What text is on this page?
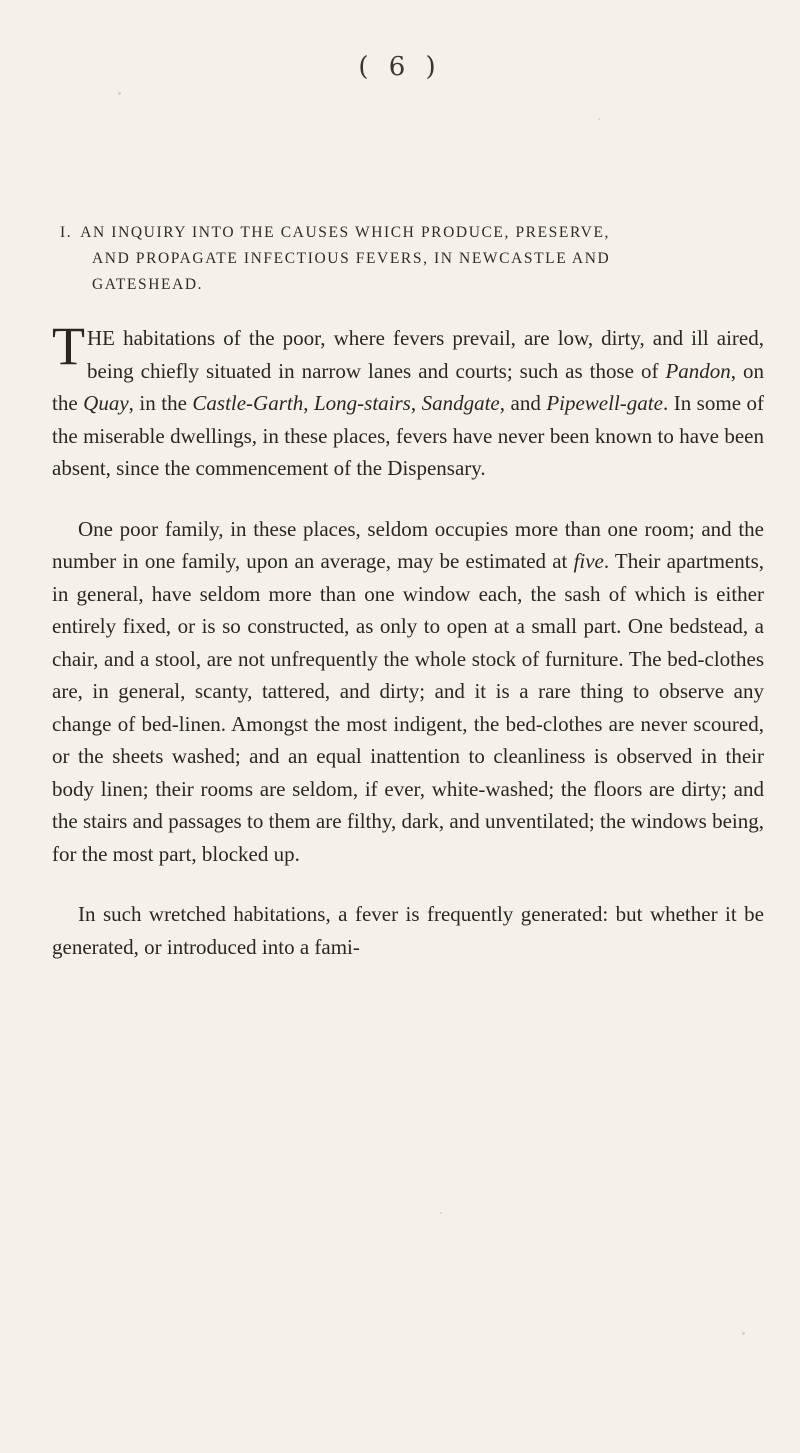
( 6 )
I. AN INQUIRY INTO THE CAUSES WHICH PRODUCE, PRESERVE,
AND PROPAGATE INFECTIOUS FEVERS, IN NEWCASTLE AND
GATESHEAD.

THE habitations of the poor, where fevers prevail, are low, dirty, and ill aired, being chiefly situated in narrow lanes and courts; such as those of Pandon, on the Quay, in the Castle-Garth, Long-stairs, Sandgate, and Pipewell-gate. In some of the miserable dwellings, in these places, fevers have never been known to have been absent, since the commencement of the Dispensary.

One poor family, in these places, seldom occupies more than one room; and the number in one family, upon an average, may be estimated at five. Their apartments, in general, have seldom more than one window each, the sash of which is either entirely fixed, or is so constructed, as only to open at a small part. One bedstead, a chair, and a stool, are not unfrequently the whole stock of furniture. The bed-clothes are, in general, scanty, tattered, and dirty; and it is a rare thing to observe any change of bed-linen. Amongst the most indigent, the bed-clothes are never scoured, or the sheets washed; and an equal inattention to cleanliness is observed in their body linen; their rooms are seldom, if ever, white-washed; the floors are dirty; and the stairs and passages to them are filthy, dark, and unventilated; the windows being, for the most part, blocked up.

In such wretched habitations, a fever is frequently generated: but whether it be generated, or introduced into a fami-
